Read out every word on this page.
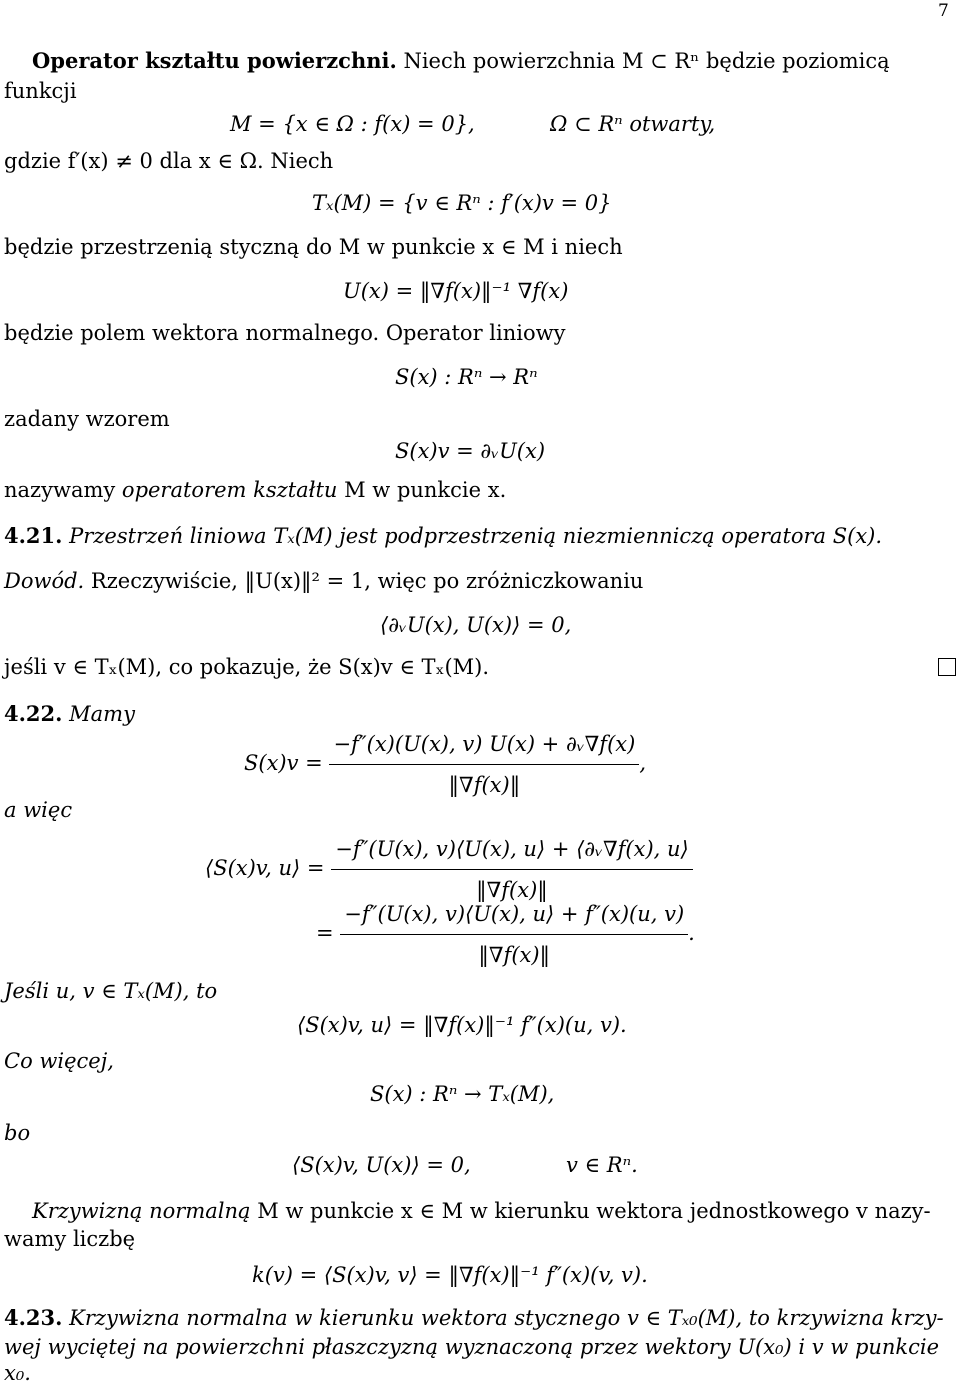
7
Operator kształtu powierzchni. Niech powierzchnia M ⊂ Rⁿ będzie poziomicą
funkcji
M = {x ∈ Ω : f(x) = 0},	Ω ⊂ Rⁿ otwarty,
gdzie f′(x) ≠ 0 dla x ∈ Ω. Niech
Tₓ(M) = {v ∈ Rⁿ : f′(x)v = 0}
będzie przestrzenią styczną do M w punkcie x ∈ M i niech
U(x) = ‖∇f(x)‖⁻¹ ∇f(x)
będzie polem wektora normalnego. Operator liniowy
S(x) : Rⁿ → Rⁿ
zadany wzorem
S(x)v = ∂ᵥU(x)
nazywamy operatorem kształtu M w punkcie x.
4.21. Przestrzeń liniowa Tₓ(M) jest podprzestrzenią niezmienniczą operatora S(x).
Dowód. Rzeczywiście, ‖U(x)‖² = 1, więc po zróżniczkowaniu
⟨∂ᵥU(x), U(x)⟩ = 0,
jeśli v ∈ Tₓ(M), co pokazuje, że S(x)v ∈ Tₓ(M).
4.22. Mamy
$S(x)v = \frac{\text{−f″(x)(U(x), v) U(x) + ∂ᵥ∇f(x)}}{‖\nabla f(x)‖}$ ,
a więc
⟨S(x)v, u⟩ = $\frac{\text{−f″(U(x), v)⟨U(x), u⟩ + ⟨∂ᵥ∇f(x), u⟩}}{‖\nabla f(x)‖}$
= $\frac{-f''(U(x), v)⟨U(x), u⟩ + f''(x)(u, v)}{‖\nabla f(x)‖}$ .
Jeśli u, v ∈ Tₓ(M), to
⟨S(x)v, u⟩ = ‖∇f(x)‖⁻¹ f″(x)(u, v).
Co więcej,
S(x) : Rⁿ → Tₓ(M),
bo
⟨S(x)v, U(x)⟩ = 0,	v ∈ Rⁿ.
Krzywizną normalną M w punkcie x ∈ M w kierunku wektora jednostkowego v nazy-
wamy liczbę
k(v) = ⟨S(x)v, v⟩ = ‖∇f(x)‖⁻¹ f″(x)(v, v).
4.23. Krzywizna normalna w kierunku wektora stycznego v ∈ Tₓ₀(M), to krzywizna krzy-
wej wyciętej na powierzchni płaszczyzną wyznaczoną przez wektory U(x₀) i v w punkcie
x₀.
